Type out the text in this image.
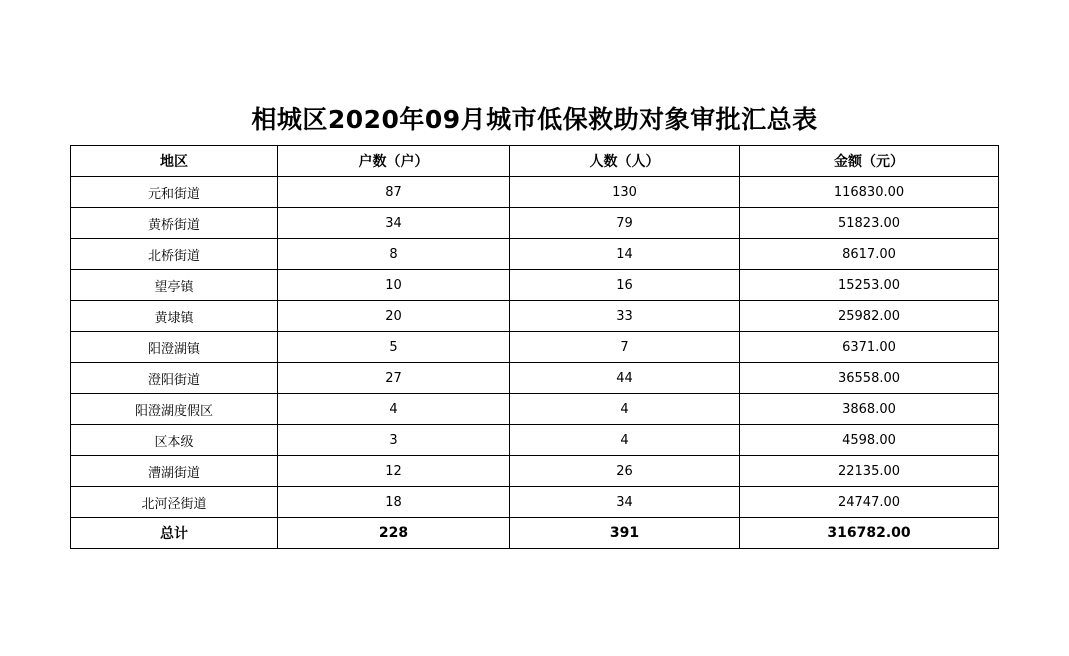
相城区2020年09月城市低保救助对象审批汇总表
地区	户数（户）	人数（人）	金额（元）
元和街道	87	130	116830.00
黄桥街道	34	79	51823.00
北桥街道	8	14	8617.00
望亭镇	10	16	15253.00
黄埭镇	20	33	25982.00
阳澄湖镇	5	7	6371.00
澄阳街道	27	44	36558.00
阳澄湖度假区	4	4	3868.00
区本级	3	4	4598.00
漕湖街道	12	26	22135.00
北河泾街道	18	34	24747.00
总计	228	391	316782.00
